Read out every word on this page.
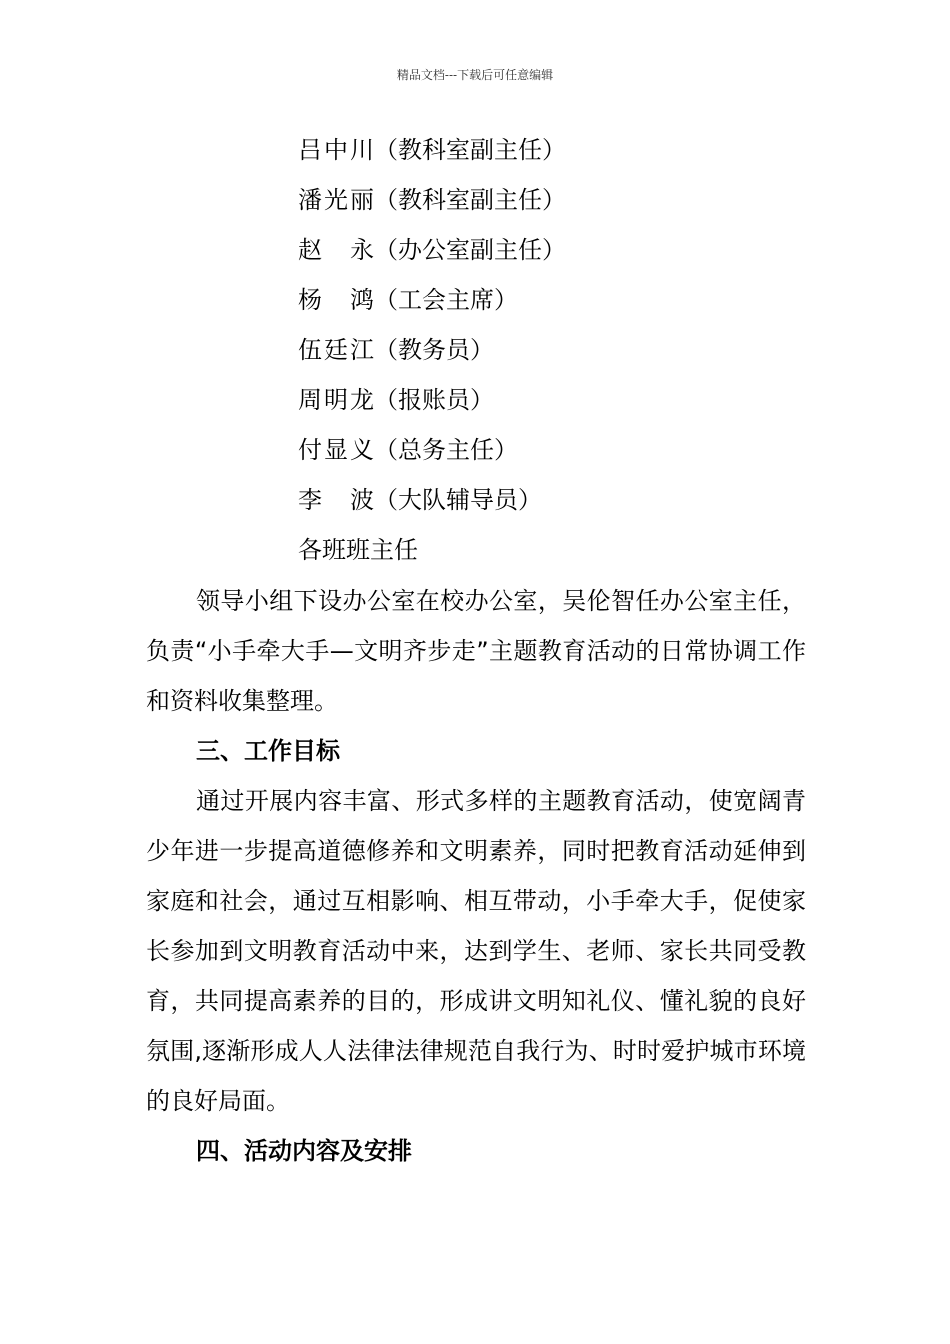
精品文档---下载后可任意编辑
吕中川（教科室副主任）
潘光丽（教科室副主任）
赵　永（办公室副主任）
杨　鸿（工会主席）
伍廷江（教务员）
周明龙（报账员）
付显义（总务主任）
李　波（大队辅导员）
各班班主任

领导小组下设办公室在校办公室，吴伦智任办公室主任，负责“小手牵大手—文明齐步走”主题教育活动的日常协调工作和资料收集整理。

三、工作目标

通过开展内容丰富、形式多样的主题教育活动，使宽阔青少年进一步提高道德修养和文明素养，同时把教育活动延伸到家庭和社会，通过互相影响、相互带动，小手牵大手，促使家长参加到文明教育活动中来，达到学生、老师、家长共同受教育，共同提高素养的目的，形成讲文明知礼仪、懂礼貌的良好氛围,逐渐形成人人法律法律规范自我行为、时时爱护城市环境的良好局面。

四、活动内容及安排
